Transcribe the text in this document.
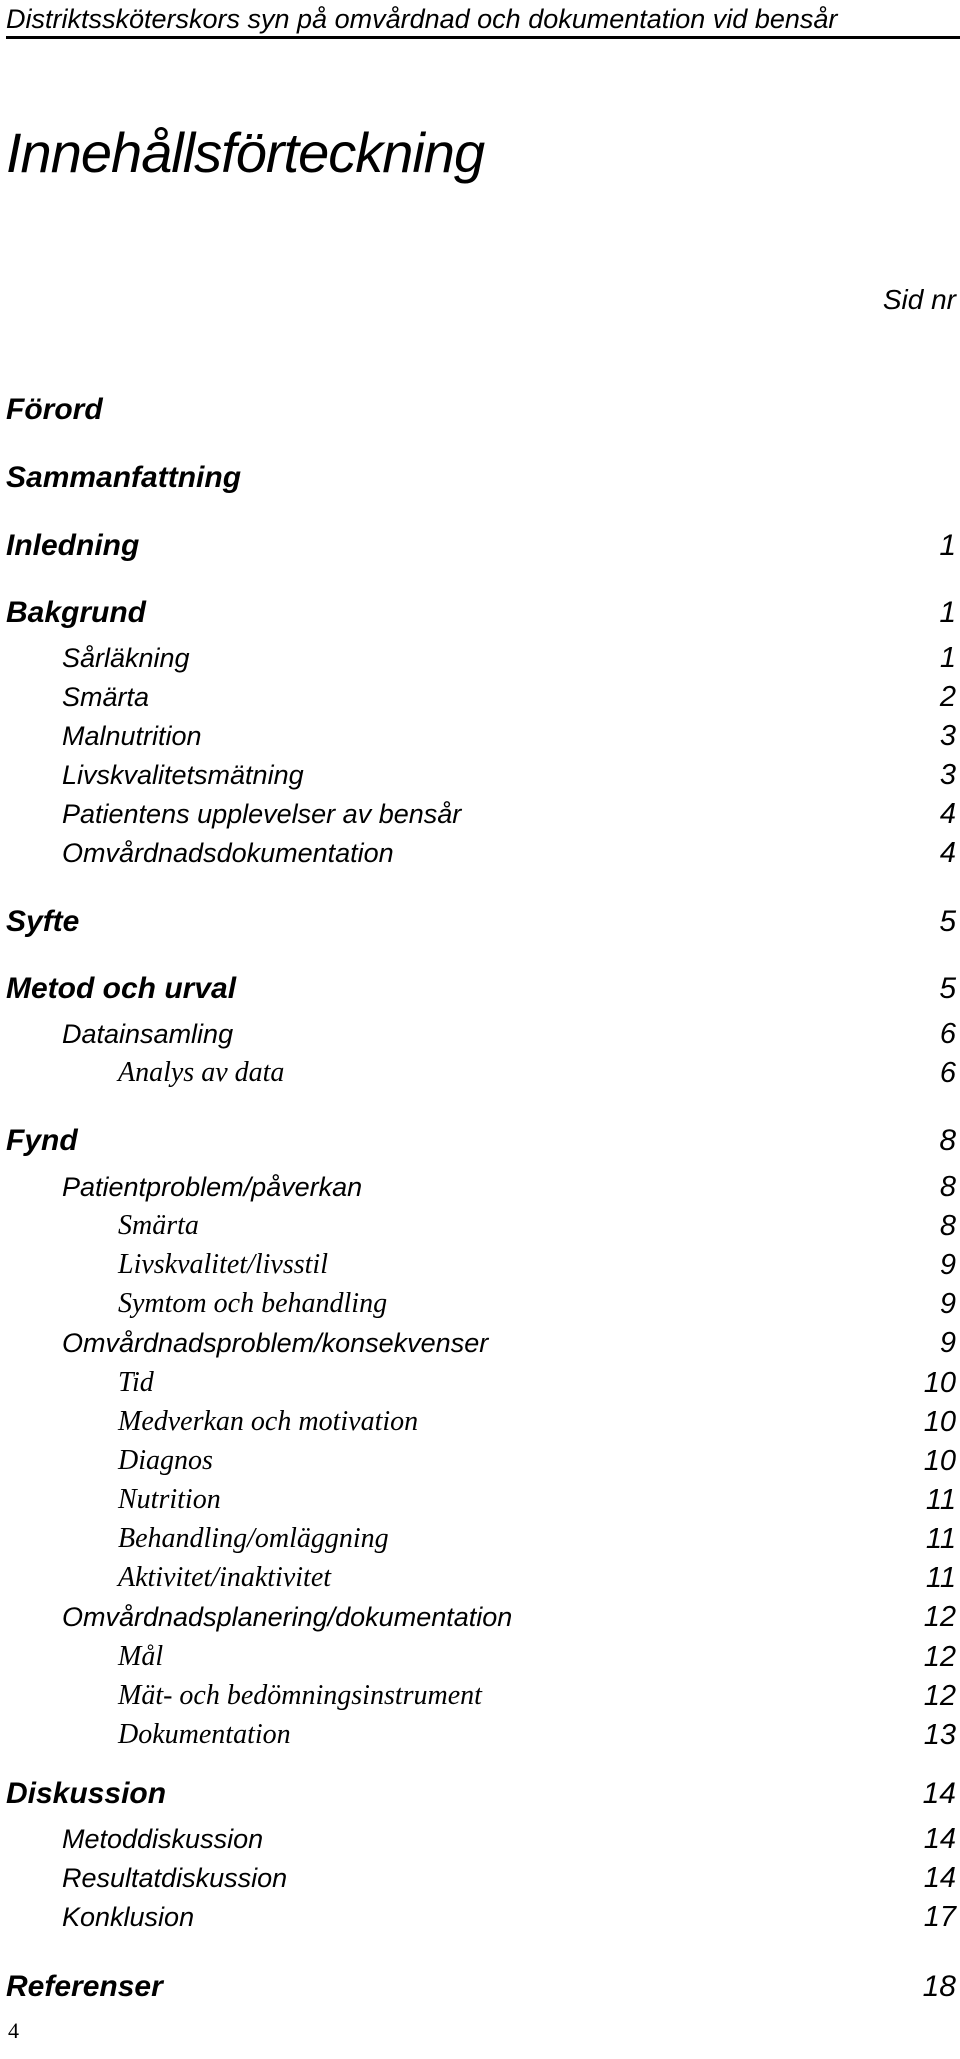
Distriktssköterskors syn på omvårdnad och dokumentation vid bensår
Innehållsförteckning
Sid nr
Förord
Sammanfattning
Inledning	1
Bakgrund	1
Sårläkning	1
Smärta	2
Malnutrition	3
Livskvalitetsmätning	3
Patientens upplevelser av bensår	4
Omvårdnadsdokumentation	4
Syfte	5
Metod och urval	5
Datainsamling	6
Analys av data	6
Fynd	8
Patientproblem/påverkan	8
Smärta	8
Livskvalitet/livsstil	9
Symtom och behandling	9
Omvårdnadsproblem/konsekvenser	9
Tid	10
Medverkan och motivation	10
Diagnos	10
Nutrition	11
Behandling/omläggning	11
Aktivitet/inaktivitet	11
Omvårdnadsplanering/dokumentation	12
Mål	12
Mät- och bedömningsinstrument	12
Dokumentation	13
Diskussion	14
Metoddiskussion	14
Resultatdiskussion	14
Konklusion	17
Referenser	18
4
